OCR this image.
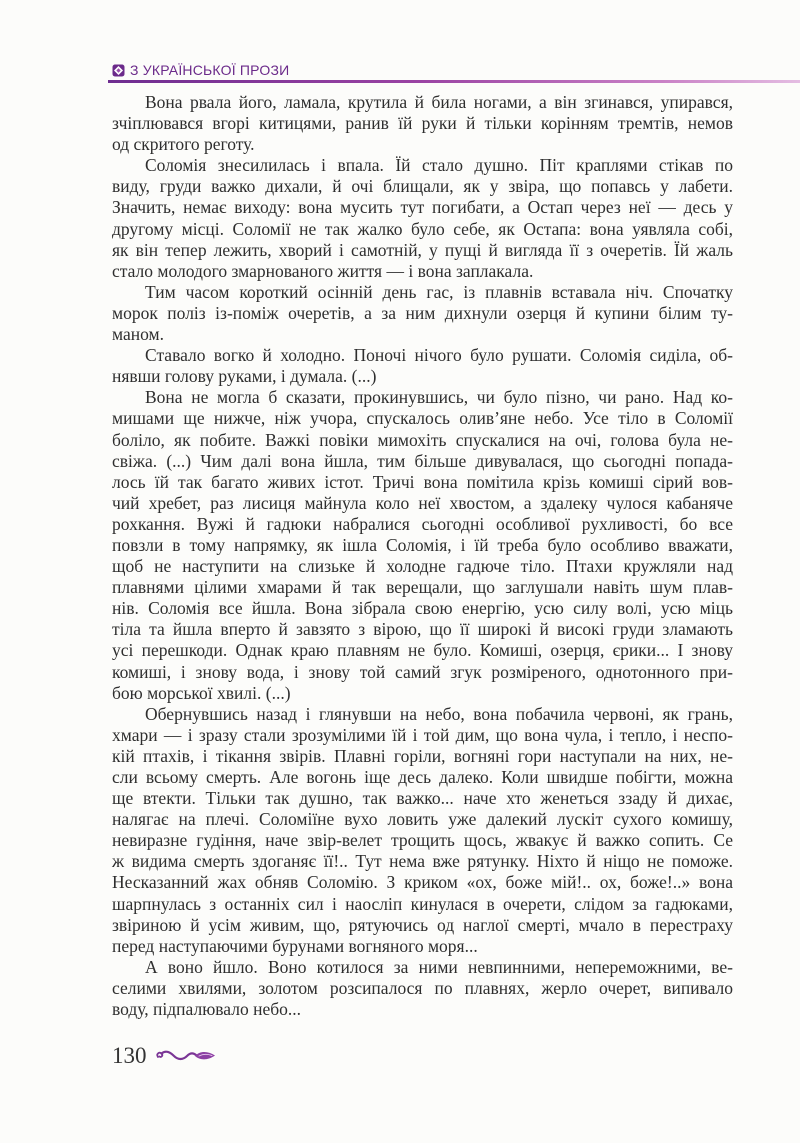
З УКРАЇНСЬКОЇ ПРОЗИ
Вона рвала його, ламала, крутила й била ногами, а він згинався, упирався,
зчіплювався вгорі китицями, ранив їй руки й тільки корінням тремтів, немов
од скритого реготу.
Соломія знесилилась і впала. Їй стало душно. Піт краплями стікав по
виду, груди важко дихали, й очі блищали, як у звіра, що попавсь у лабети.
Значить, немає виходу: вона мусить тут погибати, а Остап через неї — десь у
другому місці. Соломії не так жалко було себе, як Остапа: вона уявляла собі,
як він тепер лежить, хворий і самотній, у пущі й вигляда її з очеретів. Їй жаль
стало молодого змарнованого життя — і вона заплакала.
Тим часом короткий осінній день гас, із плавнів вставала ніч. Спочатку
морок поліз із-поміж очеретів, а за ним дихнули озерця й купини білим ту-
маном.
Ставало вогко й холодно. Поночі нічого було рушати. Соломія сиділа, об-
нявши голову руками, і думала. (...)
Вона не могла б сказати, прокинувшись, чи було пізно, чи рано. Над ко-
мишами ще нижче, ніж учора, спускалось олив’яне небо. Усе тіло в Соломії
боліло, як побите. Важкі повіки мимохіть спускалися на очі, голова була не-
свіжа. (...) Чим далі вона йшла, тим більше дивувалася, що сьогодні попада-
лось їй так багато живих істот. Тричі вона помітила крізь комиші сірий вов-
чий хребет, раз лисиця майнула коло неї хвостом, а здалеку чулося кабаняче
рохкання. Вужі й гадюки набралися сьогодні особливої рухливості, бо все
повзли в тому напрямку, як ішла Соломія, і їй треба було особливо вважати,
щоб не наступити на слизьке й холодне гадюче тіло. Птахи кружляли над
плавнями цілими хмарами й так верещали, що заглушали навіть шум плав-
нів. Соломія все йшла. Вона зібрала свою енергію, усю силу волі, усю міць
тіла та йшла вперто й завзято з вірою, що її широкі й високі груди зламають
усі перешкоди. Однак краю плавням не було. Комиші, озерця, єрики... І знову
комиші, і знову вода, і знову той самий згук розміреного, однотонного при-
бою морської хвилі. (...)
Обернувшись назад і глянувши на небо, вона побачила червоні, як грань,
хмари — і зразу стали зрозумілими їй і той дим, що вона чула, і тепло, і неспо-
кій птахів, і тікання звірів. Плавні горіли, вогняні гори наступали на них, не-
сли всьому смерть. Але вогонь іще десь далеко. Коли швидше побігти, можна
ще втекти. Тільки так душно, так важко... наче хто женеться ззаду й дихає,
налягає на плечі. Соломіїне вухо ловить уже далекий лускіт сухого комишу,
невиразне гудіння, наче звір-велет трощить щось, жвакує й важко сопить. Се
ж видима смерть здоганяє її!.. Тут нема вже рятунку. Ніхто й ніщо не поможе.
Несказанний жах обняв Соломію. З криком «ох, боже мій!.. ох, боже!..» вона
шарпнулась з останніх сил і наосліп кинулася в очерети, слідом за гадюками,
звіриною й усім живим, що, рятуючись од наглої смерті, мчало в перестраху
перед наступаючими бурунами вогняного моря...
А воно йшло. Воно котилося за ними невпинними, непереможними, ве-
селими хвилями, золотом розсипалося по плавнях, жерло очерет, випивало
воду, підпалювало небо...
130
